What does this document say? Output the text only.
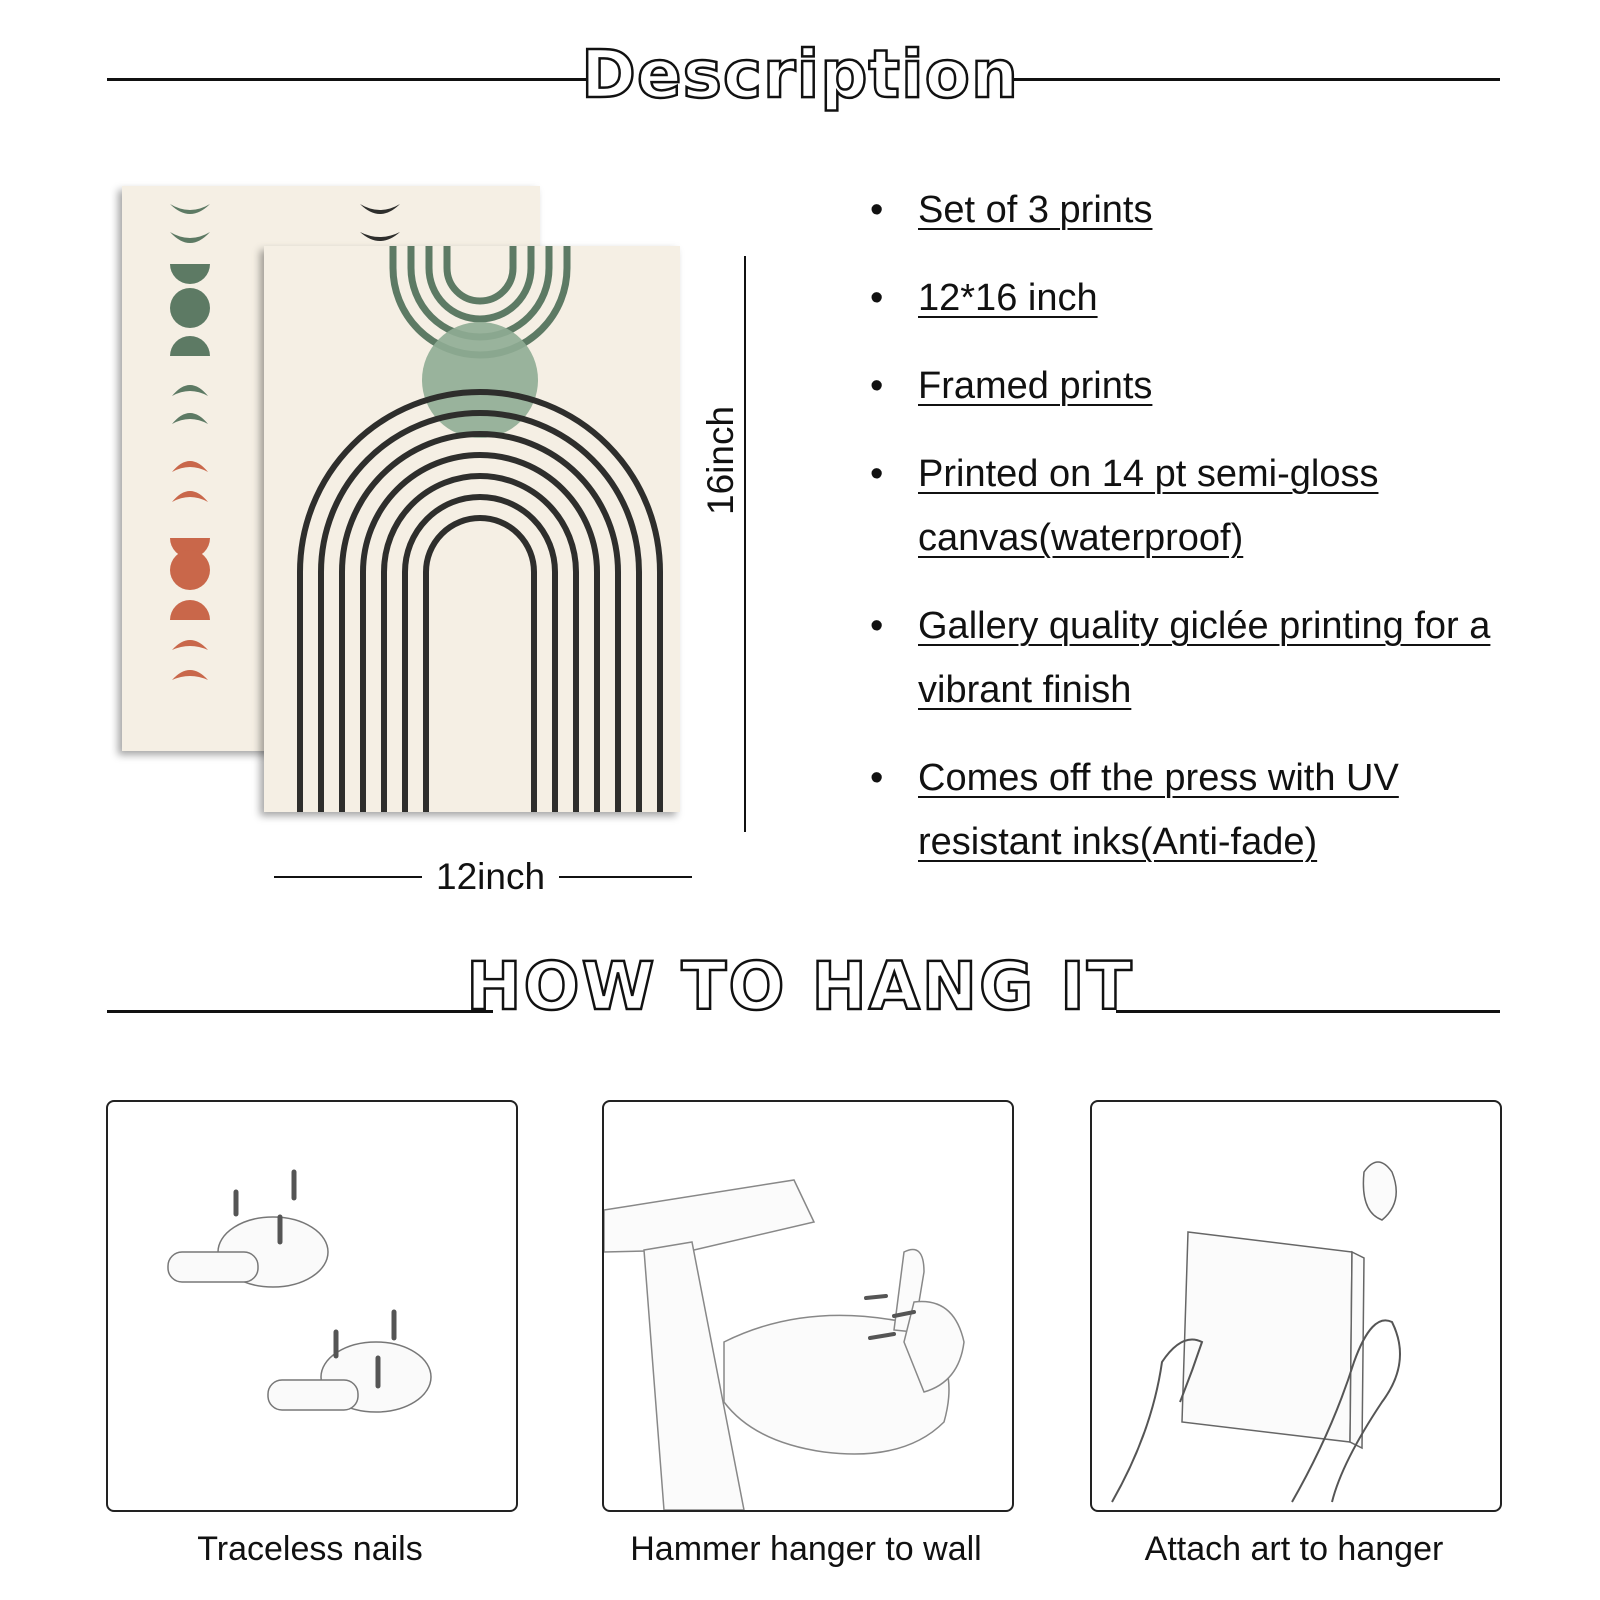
Description
12inch
16inch
• Set of 3 prints
• 12*16 inch
• Framed prints
• Printed on 14 pt semi-gloss canvas(waterproof)
• Gallery quality giclée printing for a vibrant finish
• Comes off the press with UV resistant inks(Anti-fade)
HOW TO HANG IT
Traceless nails	Hammer hanger to wall	Attach art to hanger
